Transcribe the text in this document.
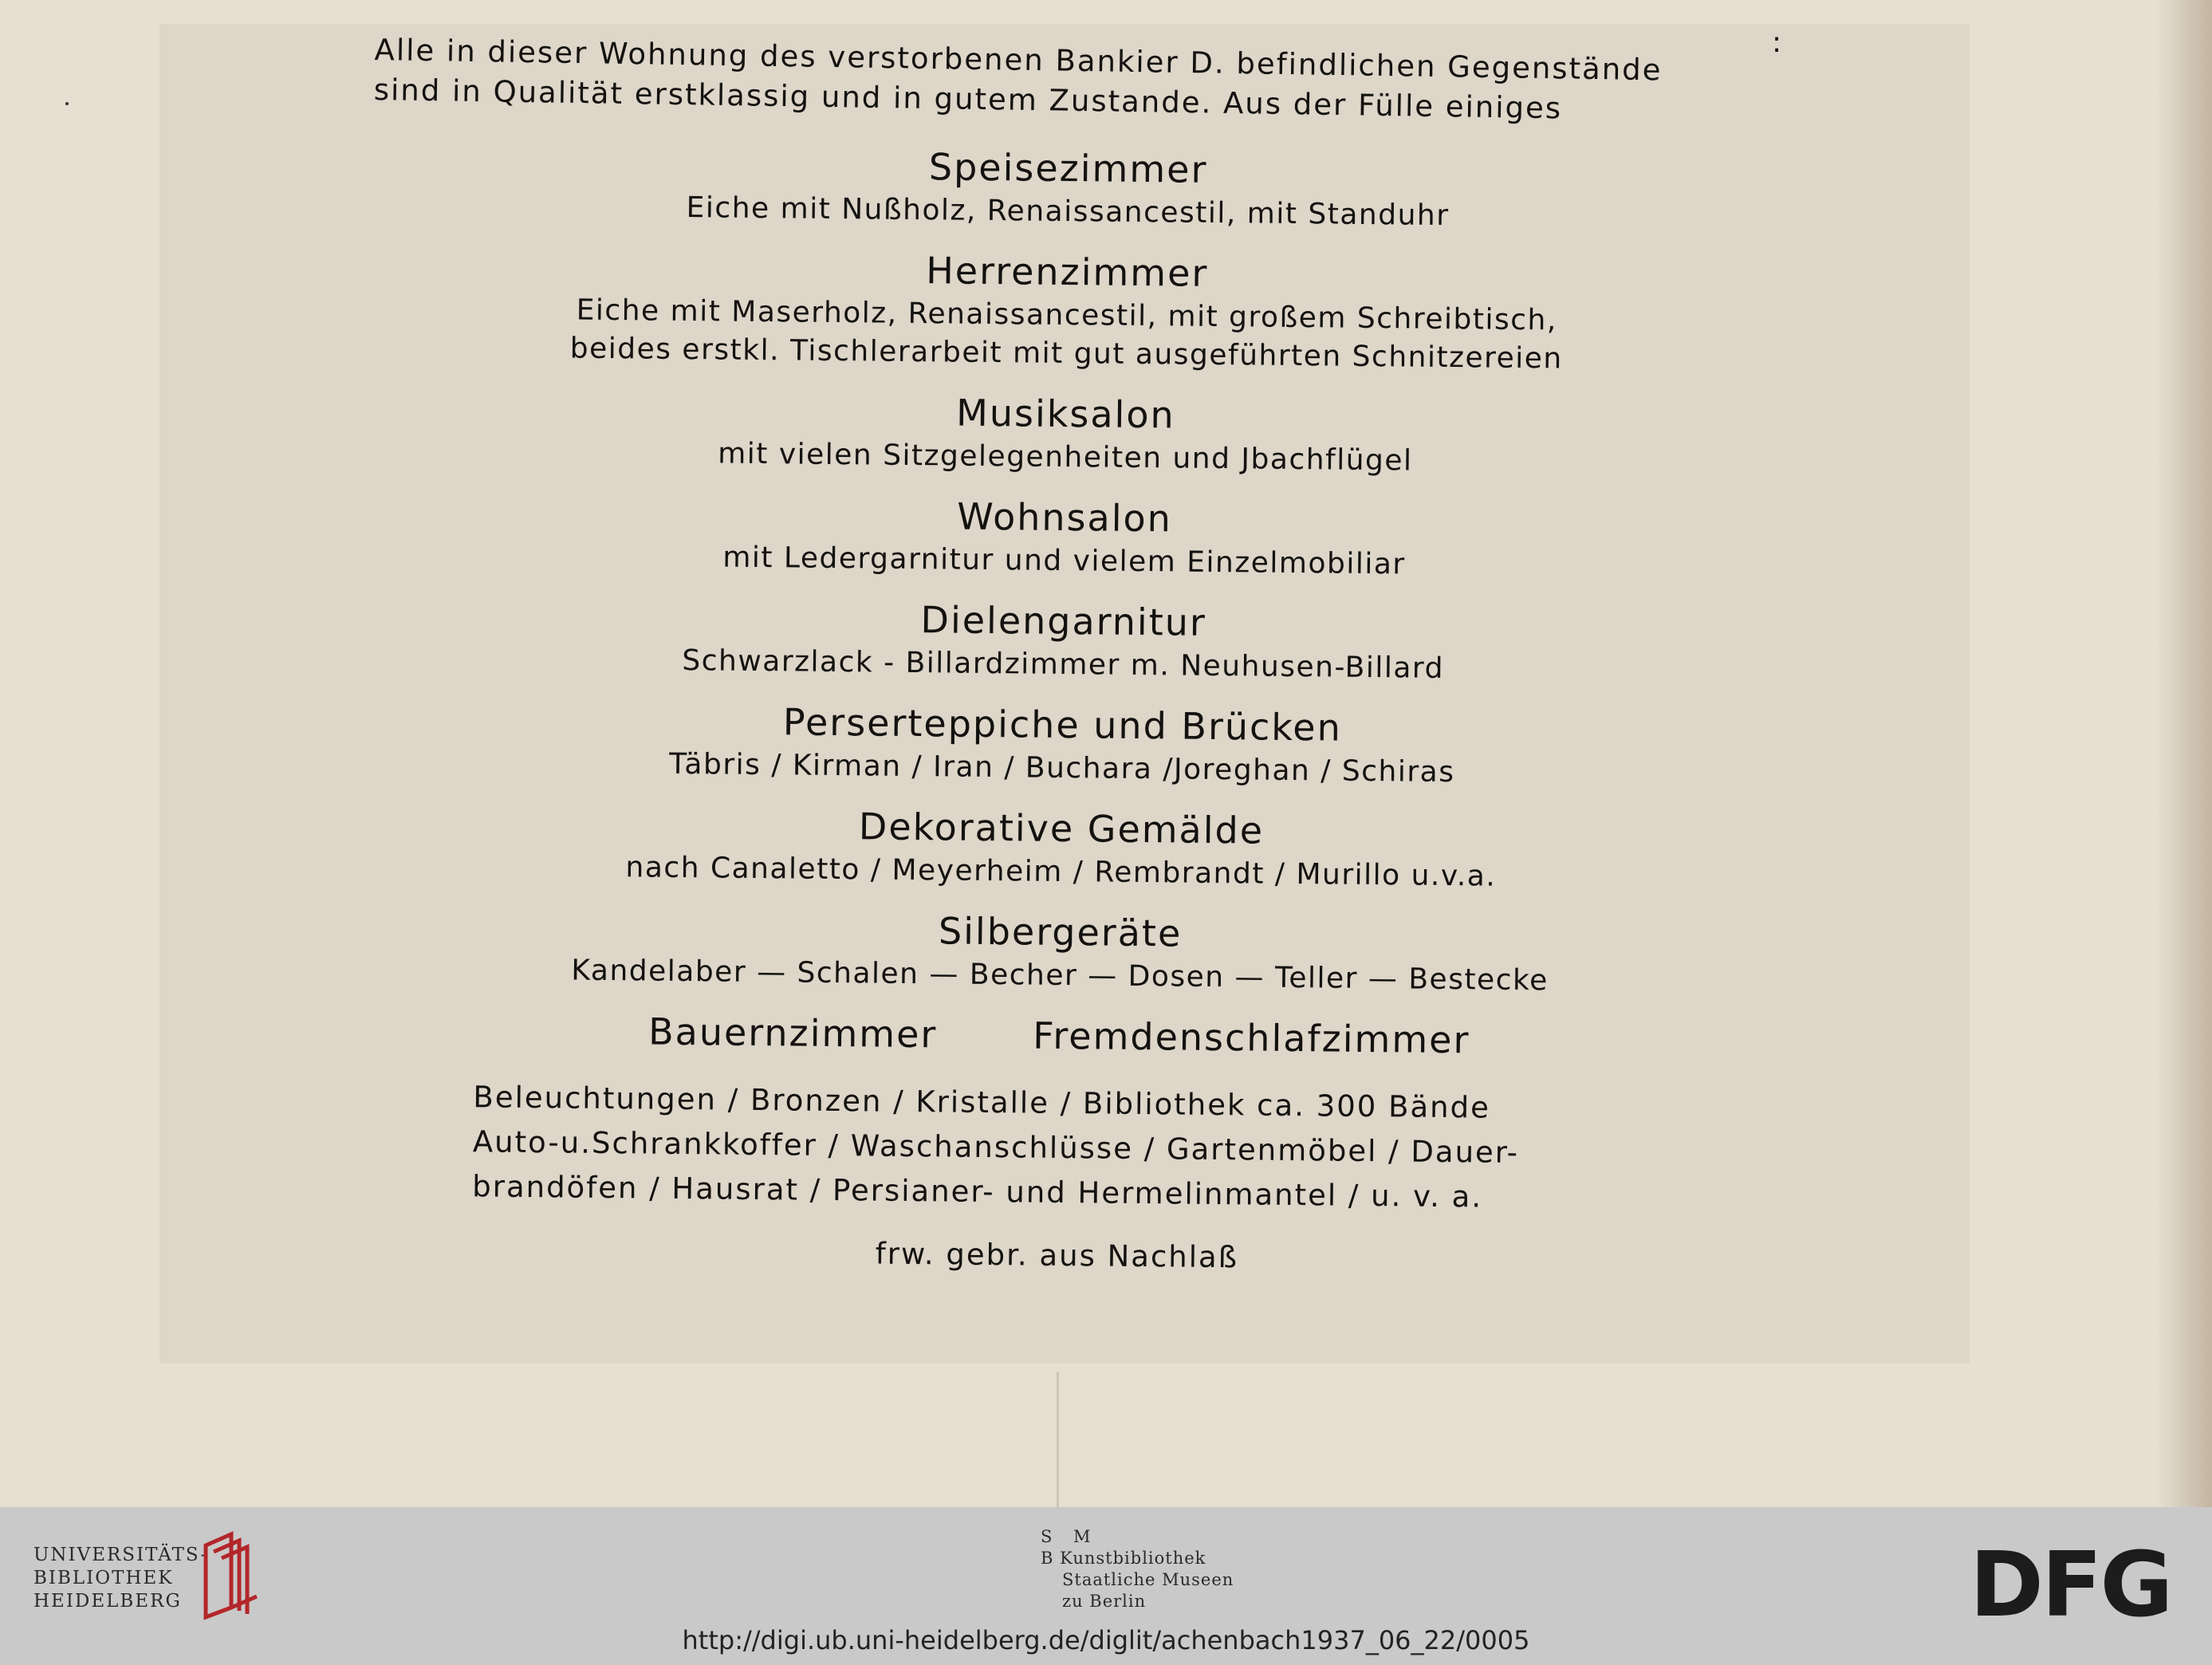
:

Alle in dieser Wohnung des verstorbenen Bankier D. befindlichen Gegenstände

sind in Qualität erstklassig und in gutem Zustande. Aus der Fülle einiges

Speisezimmer

Eiche mit Nußholz, Renaissancestil, mit Standuhr

Herrenzimmer

Eiche mit Maserholz, Renaissancestil, mit großem Schreibtisch,

beides erstkl. Tischlerarbeit mit gut ausgeführten Schnitzereien

Musiksalon

mit vielen Sitzgelegenheiten und Jbachflügel

Wohnsalon

mit Ledergarnitur und vielem Einzelmobiliar

Dielengarnitur

Schwarzlack - Billardzimmer m. Neuhusen-Billard

Perserteppiche und Brücken

Täbris / Kirman / Iran / Buchara /Joreghan / Schiras

Dekorative Gemälde

nach Canaletto / Meyerheim / Rembrandt / Murillo u.v.a.

Silbergeräte

Kandelaber — Schalen — Becher — Dosen — Teller — Bestecke

Bauernzimmer	Fremdenschlafzimmer

Beleuchtungen / Bronzen / Kristalle / Bibliothek ca. 300 Bände

Auto-u.Schrankkoffer / Waschanschlüsse / Gartenmöbel / Dauer-

brandöfen / Hausrat / Persianer- und Hermelinmantel / u. v. a.

frw. gebr. aus Nachlaß
UNIVERSITÄTS-
BIBLIOTHEK
HEIDELBERG
S M
B Kunstbibliothek
Staatliche Museen
zu Berlin
http://digi.ub.uni-heidelberg.de/diglit/achenbach1937_06_22/0005
DFG
